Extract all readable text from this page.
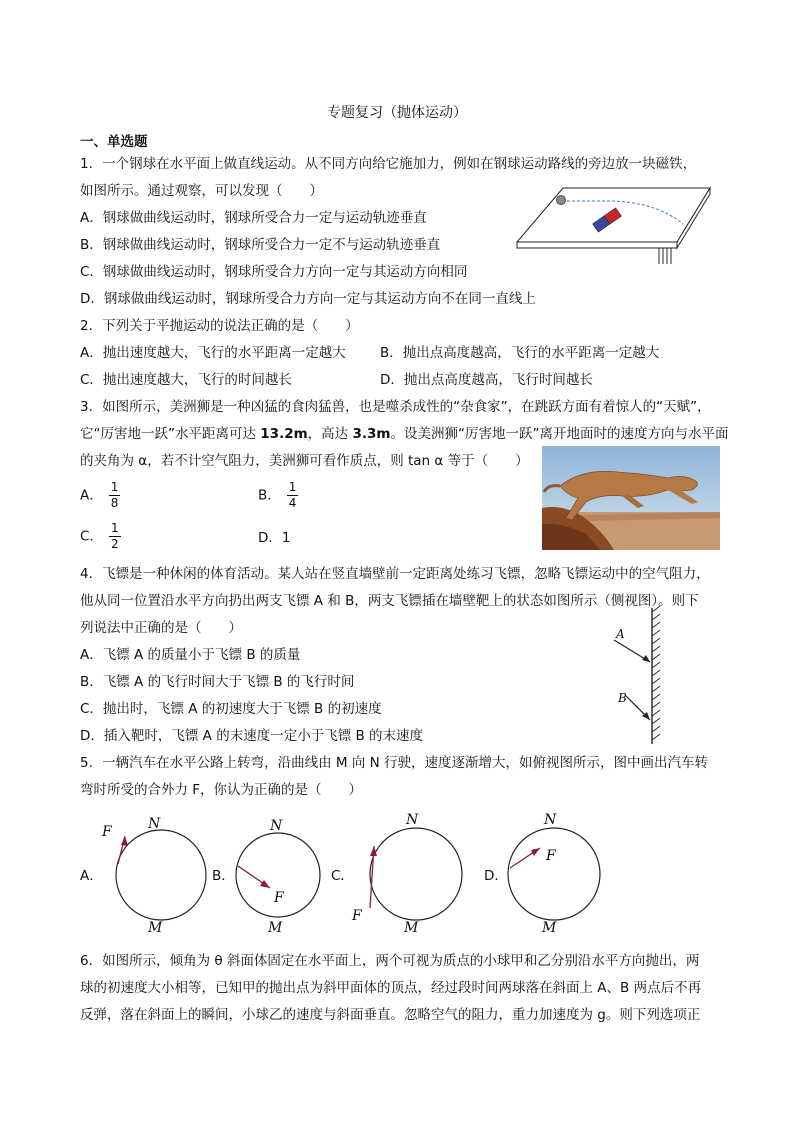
专题复习（抛体运动）
一、单选题
1．一个钢球在水平面上做直线运动。从不同方向给它施加力，例如在钢球运动路线的旁边放一块磁铁，
如图所示。通过观察，可以发现（　　）
A．钢球做曲线运动时，钢球所受合力一定与运动轨迹垂直
B．钢球做曲线运动时，钢球所受合力一定不与运动轨迹垂直
C．钢球做曲线运动时，钢球所受合力方向一定与其运动方向相同
D．钢球做曲线运动时，钢球所受合力方向一定与其运动方向不在同一直线上
2．下列关于平抛运动的说法正确的是（　　）
A．抛出速度越大，飞行的水平距离一定越大	B．抛出点高度越高，飞行的水平距离一定越大
C．抛出速度越大，飞行的时间越长	D．抛出点高度越高，飞行时间越长
3．如图所示，美洲狮是一种凶猛的食肉猛兽，也是噬杀成性的“杂食家”，在跳跃方面有着惊人的“天赋”，
它“厉害地一跃”水平距离可达 13.2m，高达 3.3m。设美洲狮“厉害地一跃”离开地面时的速度方向与水平面
的夹角为 α，若不计空气阻力，美洲狮可看作质点，则 tan α 等于（　　）
A． $\frac{1}{8}$	B． $\frac{1}{4}$
C． $\frac{1}{2}$	D．1
4．飞镖是一种休闲的体育活动。某人站在竖直墙壁前一定距离处练习飞镖，忽略飞镖运动中的空气阻力，
他从同一位置沿水平方向扔出两支飞镖 A 和 B，两支飞镖插在墙壁靶上的状态如图所示（侧视图）。则下
列说法中正确的是（　　）
A．飞镖 A 的质量小于飞镖 B 的质量
B．飞镖 A 的飞行时间大于飞镖 B 的飞行时间
C．抛出时，飞镖 A 的初速度大于飞镖 B 的初速度
D．插入靶时，飞镖 A 的末速度一定小于飞镖 B 的末速度
A
B
5．一辆汽车在水平公路上转弯，沿曲线由 M 向 N 行驶，速度逐渐增大，如俯视图所示，图中画出汽车转
弯时所受的合外力 F，你认为正确的是（　　）
A．	B．	C．	D．
F	N
M
F
N
M
F
N
M
F
N
M
6．如图所示，倾角为 θ 斜面体固定在水平面上，两个可视为质点的小球甲和乙分别沿水平方向抛出，两
球的初速度大小相等，已知甲的抛出点为斜甲面体的顶点，经过段时间两球落在斜面上 A、B 两点后不再
反弹，落在斜面上的瞬间，小球乙的速度与斜面垂直。忽略空气的阻力，重力加速度为 g。则下列选项正
